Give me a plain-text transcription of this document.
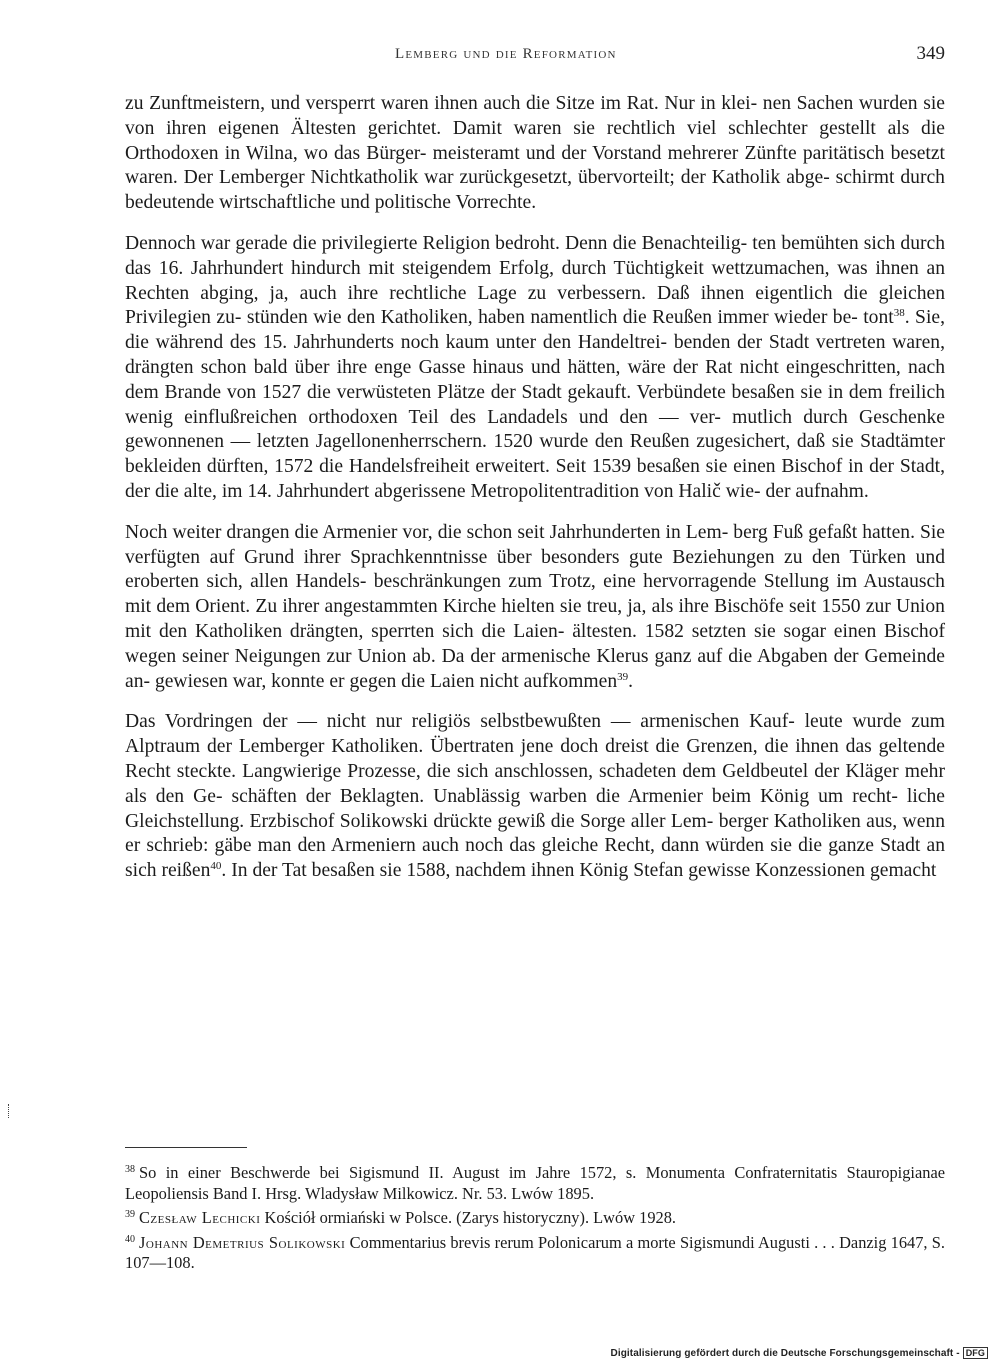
Lemberg und die Reformation	349

zu Zunftmeistern, und versperrt waren ihnen auch die Sitze im Rat. Nur in klei- nen Sachen wurden sie von ihren eigenen Ältesten gerichtet. Damit waren sie rechtlich viel schlechter gestellt als die Orthodoxen in Wilna, wo das Bürger- meisteramt und der Vorstand mehrerer Zünfte paritätisch besetzt waren. Der Lemberger Nichtkatholik war zurückgesetzt, übervorteilt; der Katholik abge- schirmt durch bedeutende wirtschaftliche und politische Vorrechte.

Dennoch war gerade die privilegierte Religion bedroht. Denn die Benachteilig- ten bemühten sich durch das 16. Jahrhundert hindurch mit steigendem Erfolg, durch Tüchtigkeit wettzumachen, was ihnen an Rechten abging, ja, auch ihre rechtliche Lage zu verbessern. Daß ihnen eigentlich die gleichen Privilegien zu- stünden wie den Katholiken, haben namentlich die Reußen immer wieder be- tont$^{38}$. Sie, die während des 15. Jahrhunderts noch kaum unter den Handeltrei- benden der Stadt vertreten waren, drängten schon bald über ihre enge Gasse hinaus und hätten, wäre der Rat nicht eingeschritten, nach dem Brande von 1527 die verwüsteten Plätze der Stadt gekauft. Verbündete besaßen sie in dem freilich wenig einflußreichen orthodoxen Teil des Landadels und den — ver- mutlich durch Geschenke gewonnenen — letzten Jagellonenherrschern. 1520 wurde den Reußen zugesichert, daß sie Stadtämter bekleiden dürften, 1572 die Handelsfreiheit erweitert. Seit 1539 besaßen sie einen Bischof in der Stadt, der die alte, im 14. Jahrhundert abgerissene Metropolitentradition von Halič wie- der aufnahm.

Noch weiter drangen die Armenier vor, die schon seit Jahrhunderten in Lem- berg Fuß gefaßt hatten. Sie verfügten auf Grund ihrer Sprachkenntnisse über besonders gute Beziehungen zu den Türken und eroberten sich, allen Handels- beschränkungen zum Trotz, eine hervorragende Stellung im Austausch mit dem Orient. Zu ihrer angestammten Kirche hielten sie treu, ja, als ihre Bischöfe seit 1550 zur Union mit den Katholiken drängten, sperrten sich die Laien- ältesten. 1582 setzten sie sogar einen Bischof wegen seiner Neigungen zur Union ab. Da der armenische Klerus ganz auf die Abgaben der Gemeinde an- gewiesen war, konnte er gegen die Laien nicht aufkommen$^{39}$.

Das Vordringen der — nicht nur religiös selbstbewußten — armenischen Kauf- leute wurde zum Alptraum der Lemberger Katholiken. Übertraten jene doch dreist die Grenzen, die ihnen das geltende Recht steckte. Langwierige Prozesse, die sich anschlossen, schadeten dem Geldbeutel der Kläger mehr als den Ge- schäften der Beklagten. Unablässig warben die Armenier beim König um recht- liche Gleichstellung. Erzbischof Solikowski drückte gewiß die Sorge aller Lem- berger Katholiken aus, wenn er schrieb: gäbe man den Armeniern auch noch das gleiche Recht, dann würden sie die ganze Stadt an sich reißen$^{40}$. In der Tat besaßen sie 1588, nachdem ihnen König Stefan gewisse Konzessionen gemacht

$^{38}$ So in einer Beschwerde bei Sigismund II. August im Jahre 1572, s. Monumenta Confraternitatis Stauropigianae Leopoliensis Band I. Hrsg. Wladysław Milkowicz. Nr. 53. Lwów 1895.
$^{39}$ Czesław Lechicki Kościół ormiański w Polsce. (Zarys historyczny). Lwów 1928.
$^{40}$ Johann Demetrius Solikowski Commentarius brevis rerum Polonicarum a morte Sigismundi Augusti . . . Danzig 1647, S. 107—108.
Digitalisierung gefördert durch die Deutsche Forschungsgemeinschaft - DFG
